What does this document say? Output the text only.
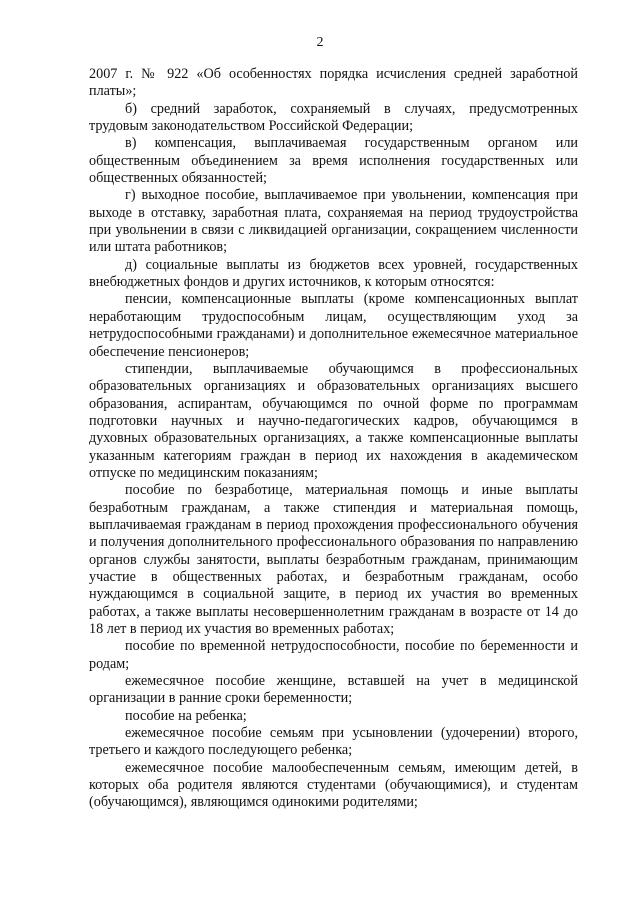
2

2007 г. № 922 «Об особенностях порядка исчисления средней заработной платы»;

б) средний заработок, сохраняемый в случаях, предусмотренных трудовым законодательством Российской Федерации;

в) компенсация, выплачиваемая государственным органом или общественным объединением за время исполнения государственных или общественных обязанностей;

г) выходное пособие, выплачиваемое при увольнении, компенсация при выходе в отставку, заработная плата, сохраняемая на период трудоустройства при увольнении в связи с ликвидацией организации, сокращением численности или штата работников;

д) социальные выплаты из бюджетов всех уровней, государственных внебюджетных фондов и других источников, к которым относятся:

пенсии, компенсационные выплаты (кроме компенсационных выплат неработающим трудоспособным лицам, осуществляющим уход за нетрудоспособными гражданами) и дополнительное ежемесячное материальное обеспечение пенсионеров;

стипендии, выплачиваемые обучающимся в профессиональных образовательных организациях и образовательных организациях высшего образования, аспирантам, обучающимся по очной форме по программам подготовки научных и научно-педагогических кадров, обучающимся в духовных образовательных организациях, а также компенсационные выплаты указанным категориям граждан в период их нахождения в академическом отпуске по медицинским показаниям;

пособие по безработице, материальная помощь и иные выплаты безработным гражданам, а также стипендия и материальная помощь, выплачиваемая гражданам в период прохождения профессионального обучения и получения дополнительного профессионального образования по направлению органов службы занятости, выплаты безработным гражданам, принимающим участие в общественных работах, и безработным гражданам, особо нуждающимся в социальной защите, в период их участия во временных работах, а также выплаты несовершеннолетним гражданам в возрасте от 14 до 18 лет в период их участия во временных работах;

пособие по временной нетрудоспособности, пособие по беременности и родам;

ежемесячное пособие женщине, вставшей на учет в медицинской организации в ранние сроки беременности;

пособие на ребенка;

ежемесячное пособие семьям при усыновлении (удочерении) второго, третьего и каждого последующего ребенка;

ежемесячное пособие малообеспеченным семьям, имеющим детей, в которых оба родителя являются студентами (обучающимися), и студентам (обучающимся), являющимся одинокими родителями;
